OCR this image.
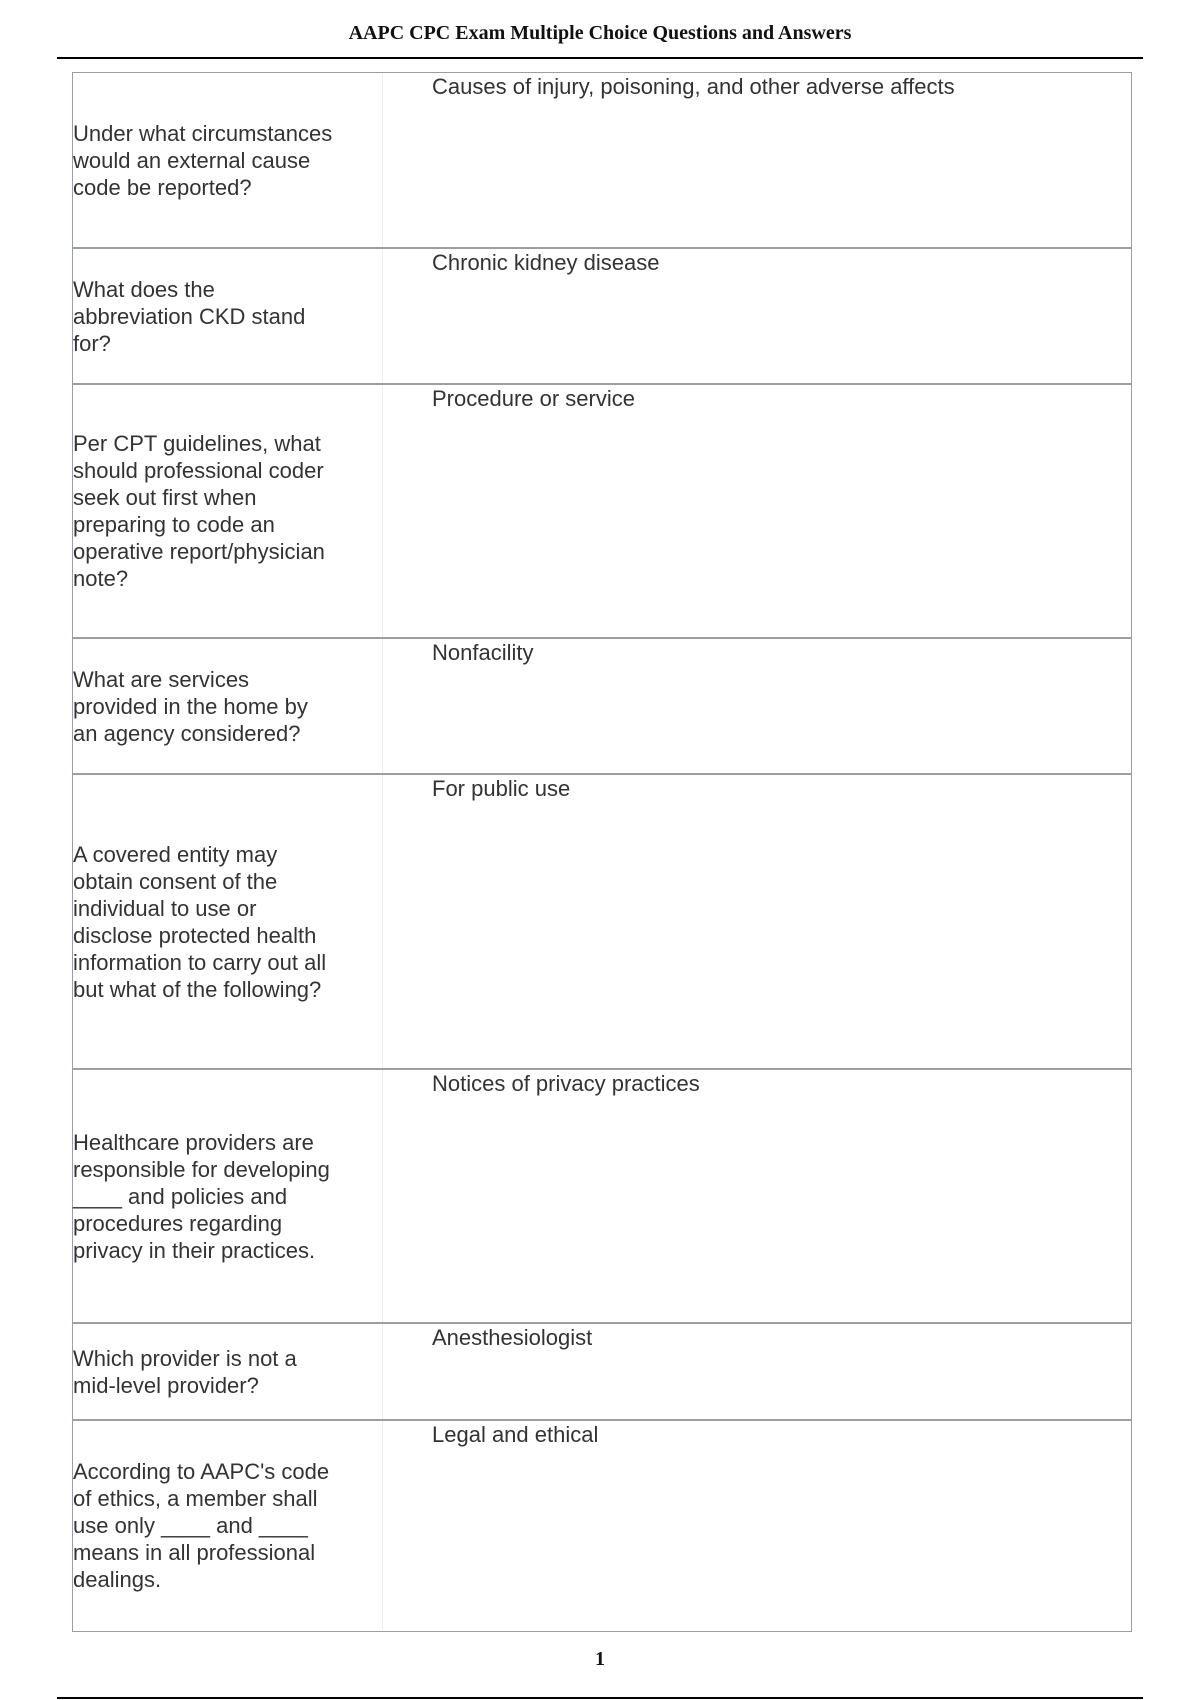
AAPC CPC Exam Multiple Choice Questions and Answers
Under what circumstances
would an external cause
code be reported?
Causes of injury, poisoning, and other adverse affects
What does the
abbreviation CKD stand
for?
Chronic kidney disease
Per CPT guidelines, what
should professional coder
seek out first when
preparing to code an
operative report/physician
note?
Procedure or service
What are services
provided in the home by
an agency considered?
Nonfacility
A covered entity may
obtain consent of the
individual to use or
disclose protected health
information to carry out all
but what of the following?
For public use
Healthcare providers are
responsible for developing
____ and policies and
procedures regarding
privacy in their practices.
Notices of privacy practices
Which provider is not a
mid-level provider?
Anesthesiologist
According to AAPC's code
of ethics, a member shall
use only ____ and ____
means in all professional
dealings.
Legal and ethical
1
